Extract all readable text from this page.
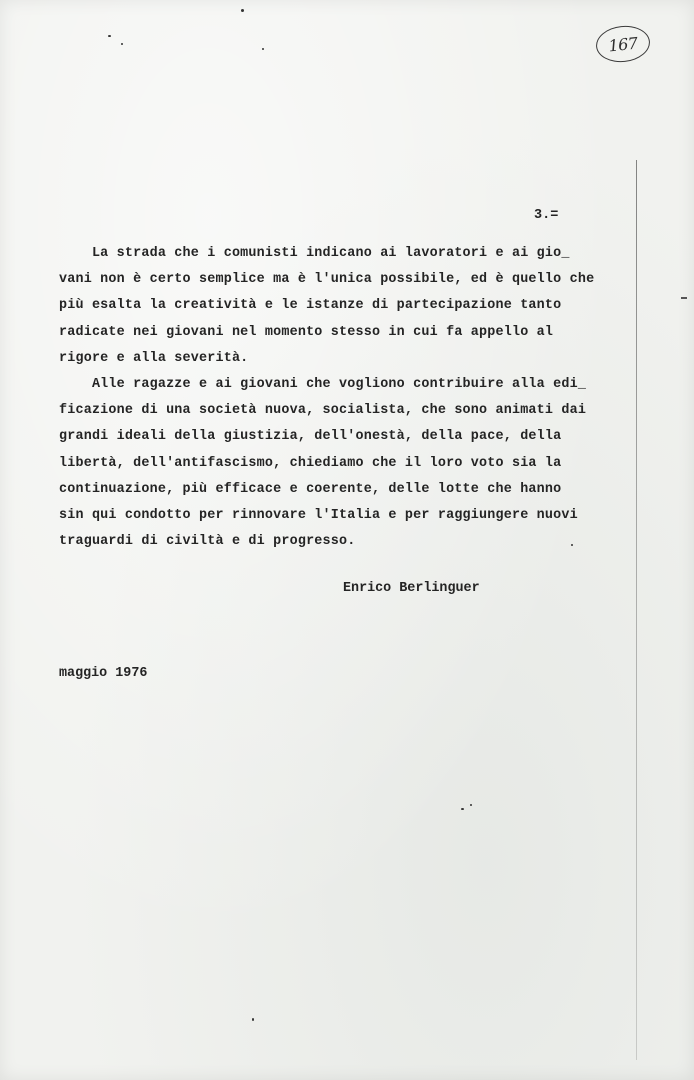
167
3.=
La strada che i comunisti indicano ai lavoratori e ai gio_
vani non è certo semplice ma è l'unica possibile, ed è quello che
più esalta la creatività e le istanze di partecipazione tanto
radicate nei giovani nel momento stesso in cui fa appello al
rigore e alla severità.
Alle ragazze e ai giovani che vogliono contribuire alla edi_
ficazione di una società nuova, socialista, che sono animati dai
grandi ideali della giustizia, dell'onestà, della pace, della
libertà, dell'antifascismo, chiediamo che il loro voto sia la
continuazione, più efficace e coerente, delle lotte che hanno
sin qui condotto per rinnovare l'Italia e per raggiungere nuovi
traguardi di civiltà e di progresso.
Enrico Berlinguer
maggio 1976
